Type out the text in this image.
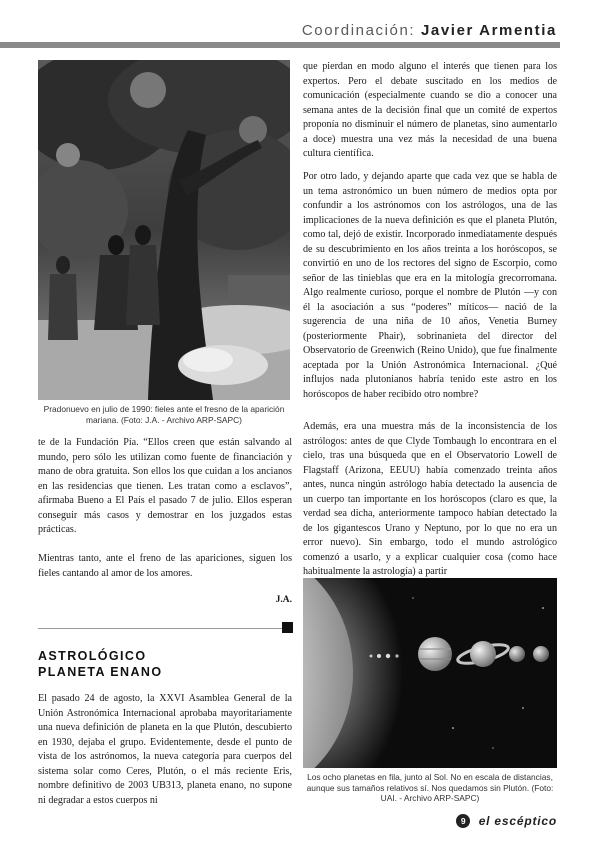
Coordinación: Javier Armentia
Pradonuevo en julio de 1990: fieles ante el fresno de la aparición mariana. (Foto: J.A. - Archivo ARP-SAPC)

te de la Fundación Pía. “Ellos creen que están salvando al mundo, pero sólo les utilizan como fuente de financiación y mano de obra gratuita. Son ellos los que cuidan a los ancianos en las residencias que tienen. Les tratan como a esclavos”, afirmaba Bueno a El País el pasado 7 de julio. Ellos esperan conseguir más casos y demostrar en los juzgados estas prácticas.

Mientras tanto, ante el freno de las apariciones, siguen los fieles cantando al amor de los amores.

J.A.
ASTROLÓGICO
PLANETA ENANO

El pasado 24 de agosto, la XXVI Asamblea General de la Unión Astronómica Internacional aprobaba mayoritariamente una nueva definición de planeta en la que Plutón, descubierto en 1930, dejaba el grupo. Evidentemente, desde el punto de vista de los astrónomos, la nueva categoría para cuerpos del sistema solar como Ceres, Plutón, o el más reciente Eris, nombre definitivo de 2003 UB313, planeta enano, no supone ni degradar a estos cuerpos ni

que pierdan en modo alguno el interés que tienen para los expertos. Pero el debate suscitado en los medios de comunicación (especialmente cuando se dio a conocer una semana antes de la decisión final que un comité de expertos proponía no disminuir el número de planetas, sino aumentarlo a doce) muestra una vez más la necesidad de una buena cultura científica.

Por otro lado, y dejando aparte que cada vez que se habla de un tema astronómico un buen número de medios opta por confundir a los astrónomos con los astrólogos, una de las implicaciones de la nueva definición es que el planeta Plutón, como tal, dejó de existir. Incorporado inmediatamente después de su descubrimiento en los años treinta a los horóscopos, se convirtió en uno de los rectores del signo de Escorpio, como señor de las tinieblas que era en la mitología grecorromana. Algo realmente curioso, porque el nombre de Plutón —y con él la asociación a sus “poderes” míticos— nació de la sugerencia de una niña de 10 años, Venetia Burney (posteriormente Phair), sobrinanieta del director del Observatorio de Greenwich (Reino Unido), que fue finalmente aceptada por la Unión Astronómica Internacional. ¿Qué influjos nada plutonianos habría tenido este astro en los horóscopos de haber recibido otro nombre?

Además, era una muestra más de la inconsistencia de los astrólogos: antes de que Clyde Tombaugh lo encontrara en el cielo, tras una búsqueda que en el Observatorio Lowell de Flagstaff (Arizona, EEUU) había comenzado treinta años antes, nunca ningún astrólogo había detectado la ausencia de un cuerpo tan importante en los horóscopos (claro es que, la verdad sea dicha, anteriormente tampoco habían detectado la de los gigantescos Urano y Neptuno, por lo que no era un error nuevo). Sin embargo, todo el mundo astrológico comenzó a usarlo, y a explicar cualquier cosa (como hace habitualmente la astrología) a partir

Los ocho planetas en fila, junto al Sol. No en escala de distancias, aunque sus tamaños relativos sí. Nos quedamos sin Plutón. (Foto: UAI. - Archivo ARP-SAPC)
9 el escéptico
